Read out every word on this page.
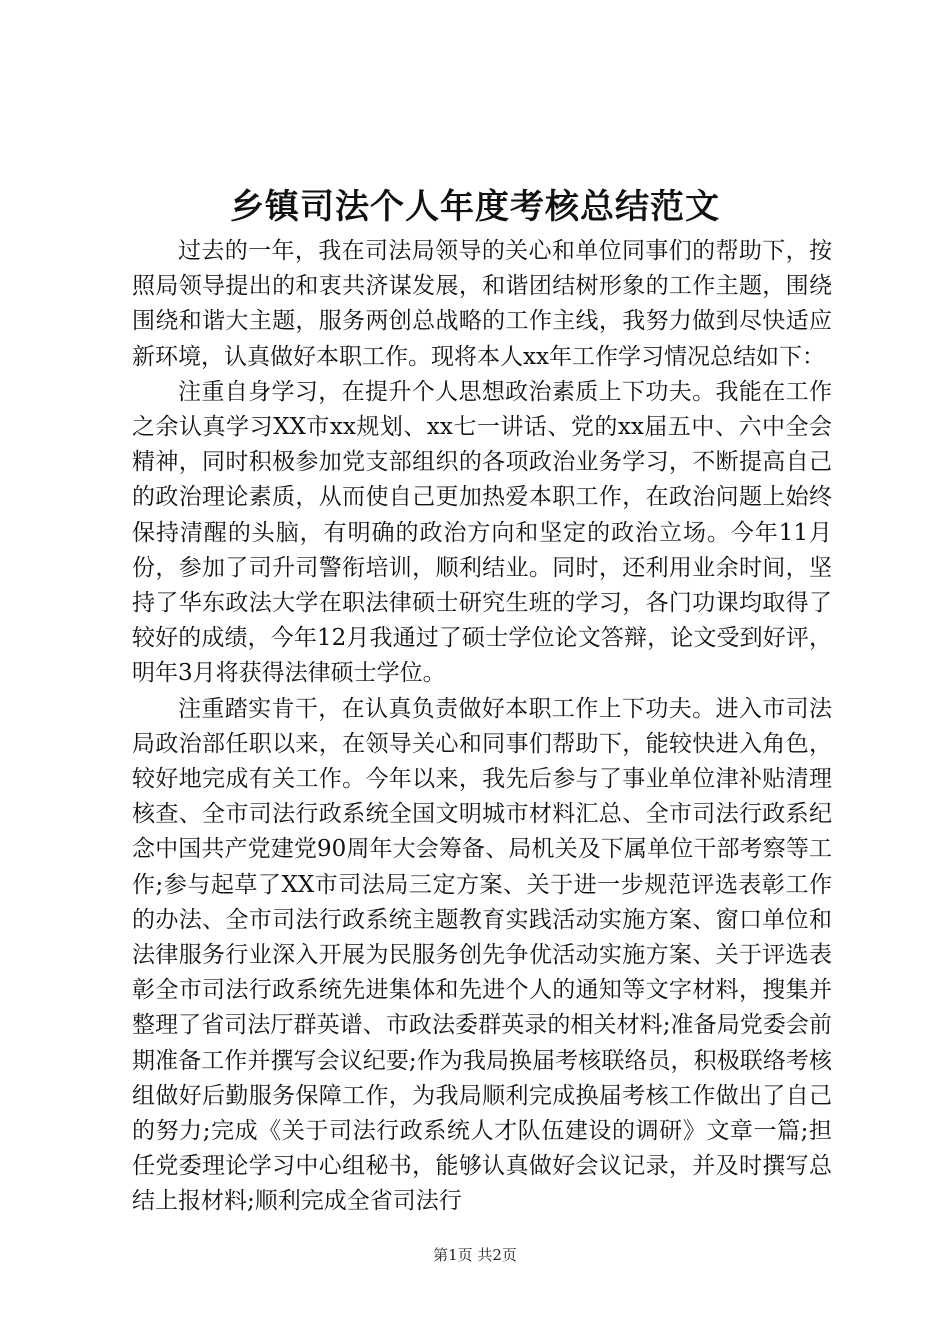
乡镇司法个人年度考核总结范文

过去的一年，我在司法局领导的关心和单位同事们的帮助下，按照局领导提出的和衷共济谋发展，和谐团结树形象的工作主题，围绕围绕和谐大主题，服务两创总战略的工作主线，我努力做到尽快适应新环境，认真做好本职工作。现将本人xx年工作学习情况总结如下：

注重自身学习，在提升个人思想政治素质上下功夫。我能在工作之余认真学习XX市xx规划、xx七一讲话、党的xx届五中、六中全会精神，同时积极参加党支部组织的各项政治业务学习，不断提高自己的政治理论素质，从而使自己更加热爱本职工作，在政治问题上始终保持清醒的头脑，有明确的政治方向和坚定的政治立场。今年11月份，参加了司升司警衔培训，顺利结业。同时，还利用业余时间，坚持了华东政法大学在职法律硕士研究生班的学习，各门功课均取得了较好的成绩，今年12月我通过了硕士学位论文答辩，论文受到好评，明年3月将获得法律硕士学位。

注重踏实肯干，在认真负责做好本职工作上下功夫。进入市司法局政治部任职以来，在领导关心和同事们帮助下，能较快进入角色，较好地完成有关工作。今年以来，我先后参与了事业单位津补贴清理核查、全市司法行政系统全国文明城市材料汇总、全市司法行政系纪念中国共产党建党90周年大会筹备、局机关及下属单位干部考察等工作;参与起草了XX市司法局三定方案、关于进一步规范评选表彰工作的办法、全市司法行政系统主题教育实践活动实施方案、窗口单位和法律服务行业深入开展为民服务创先争优活动实施方案、关于评选表彰全市司法行政系统先进集体和先进个人的通知等文字材料，搜集并整理了省司法厅群英谱、市政法委群英录的相关材料;准备局党委会前期准备工作并撰写会议纪要;作为我局换届考核联络员，积极联络考核组做好后勤服务保障工作，为我局顺利完成换届考核工作做出了自己的努力;完成《关于司法行政系统人才队伍建设的调研》文章一篇;担任党委理论学习中心组秘书，能够认真做好会议记录，并及时撰写总结上报材料;顺利完成全省司法行

第1页 共2页
